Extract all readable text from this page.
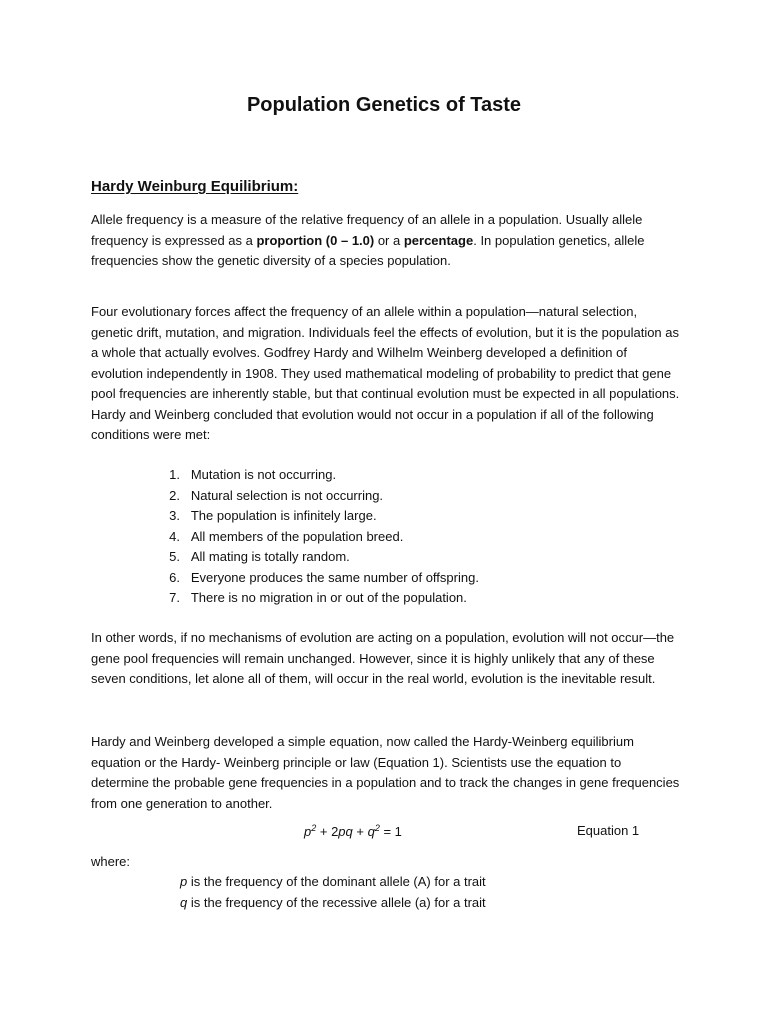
Population Genetics of Taste
Hardy Weinburg Equilibrium:

Allele frequency is a measure of the relative frequency of an allele in a population. Usually allele frequency is expressed as a proportion (0 – 1.0) or a percentage. In population genetics, allele frequencies show the genetic diversity of a species population.

Four evolutionary forces affect the frequency of an allele within a population—natural selection, genetic drift, mutation, and migration. Individuals feel the effects of evolution, but it is the population as a whole that actually evolves. Godfrey Hardy and Wilhelm Weinberg developed a definition of evolution independently in 1908. They used mathematical modeling of probability to predict that gene pool frequencies are inherently stable, but that continual evolution must be expected in all populations. Hardy and Weinberg concluded that evolution would not occur in a population if all of the following conditions were met:

1.
Mutation is not occurring.
2.
Natural selection is not occurring.
3.
The population is infinitely large.
4.
All members of the population breed.
5.
All mating is totally random.
6.
Everyone produces the same number of offspring.
7.
There is no migration in or out of the population.

In other words, if no mechanisms of evolution are acting on a population, evolution will not occur—the gene pool frequencies will remain unchanged. However, since it is highly unlikely that any of these seven conditions, let alone all of them, will occur in the real world, evolution is the inevitable result.

Hardy and Weinberg developed a simple equation, now called the Hardy-Weinberg equilibrium equation or the Hardy- Weinberg principle or law (Equation 1). Scientists use the equation to determine the probable gene frequencies in a population and to track the changes in gene frequencies from one generation to another.

$p^2 + 2pq + q^2 = 1$	Equation 1
where:
p is the frequency of the dominant allele (A) for a trait
q is the frequency of the recessive allele (a) for a trait
